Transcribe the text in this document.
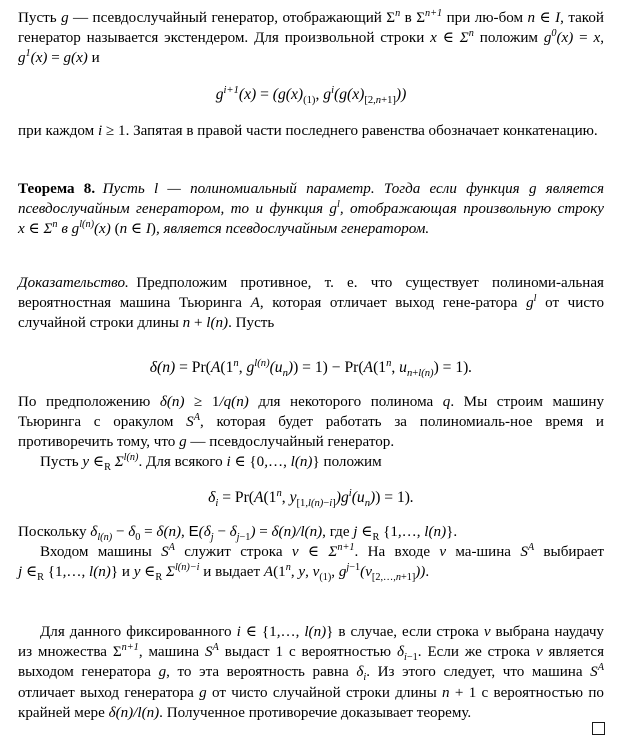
Пусть g — псевдослучайный генератор, отображающий $\Sigma^n$ в $\Sigma^{n+1}$ при лю‑бом n ∈ I, такой генератор называется экстендером. Для произвольной строки x ∈ $\Sigma^n$ положим $g^0(x) = x$, $g^1(x) = g(x)$ и

$g^{i+1}(x) = (g(x)_{(1)}$, $g^i(g(x)_{[2,n+1]})$)

при каждом i ≥ 1. Запятая в правой части последнего равенства обозначает конкатенацию.

Теорема 8. Пусть l — полиномиальный параметр. Тогда если функция g является псевдослучайным генератором, то и функция $g^l$, отображающая произвольную строку x ∈ $\Sigma^n$ в $g^{l(n)}(x)$ (n ∈ I), является псевдослучайным генератором.

Доказательство. Предположим противное, т. е. что существует полиноми‑альная вероятностная машина Тьюринга A, которая отличает выход гене‑ратора $g^l$ от чисто случайной строки длины n + l(n). Пусть

$\delta(n) = Pr(A(1^n$, $g^{l(n)}(u_n)) = 1) - Pr(A(1^n$, $u_{n+l(n)}) = 1$).

По предположению δ(n) ≥ 1/q(n) для некоторого полинома q. Мы строим машину Тьюринга с оракулом $S^A$, которая будет работать за полиномиаль‑ное время и противоречить тому, что g — псевдослучайный генератор.

Пусть y $\in_R$ $\Sigma^{l(n)}$. Для всякого i ∈ {0,…, l(n)} положим

$\delta_i = Pr(A(1^n$, $y_{[1,l(n)-i]})g^i(u_n)) = 1$).

Поскольку $\delta_{l(n)} - \delta_0 = \delta(n)$, $E(\delta_j - \delta_{j-1}) = \delta(n)/l(n)$, где j $\in_R$ {1,…, l(n)}.

Входом машины $S^A$ служит строка v ∈ $\Sigma^{n+1}$. На входе v ма‑шина $S^A$ выбирает j $\in_R$ {1,…, l(n)} и y $\in_R$ $\Sigma^{l(n)-i}$ и выдает A(1$^n$, y, $v_{(1)}$, $g^{j-1}(v_{[2,\dots,n+1]})$).

Для данного фиксированного i ∈ {1,…, l(n)} в случае, если строка v выбрана наудачу из множества $\Sigma^{n+1}$, машина $S^A$ выдаст 1 с вероятностью $\delta_{i-1}$. Если же строка v является выходом генератора g, то эта вероятность равна $\delta_i$. Из этого следует, что машина $S^A$ отличает выход генератора g от чисто случайной строки длины n + 1 с вероятностью по крайней мере δ(n)/l(n). Полученное противоречие доказывает теорему.
